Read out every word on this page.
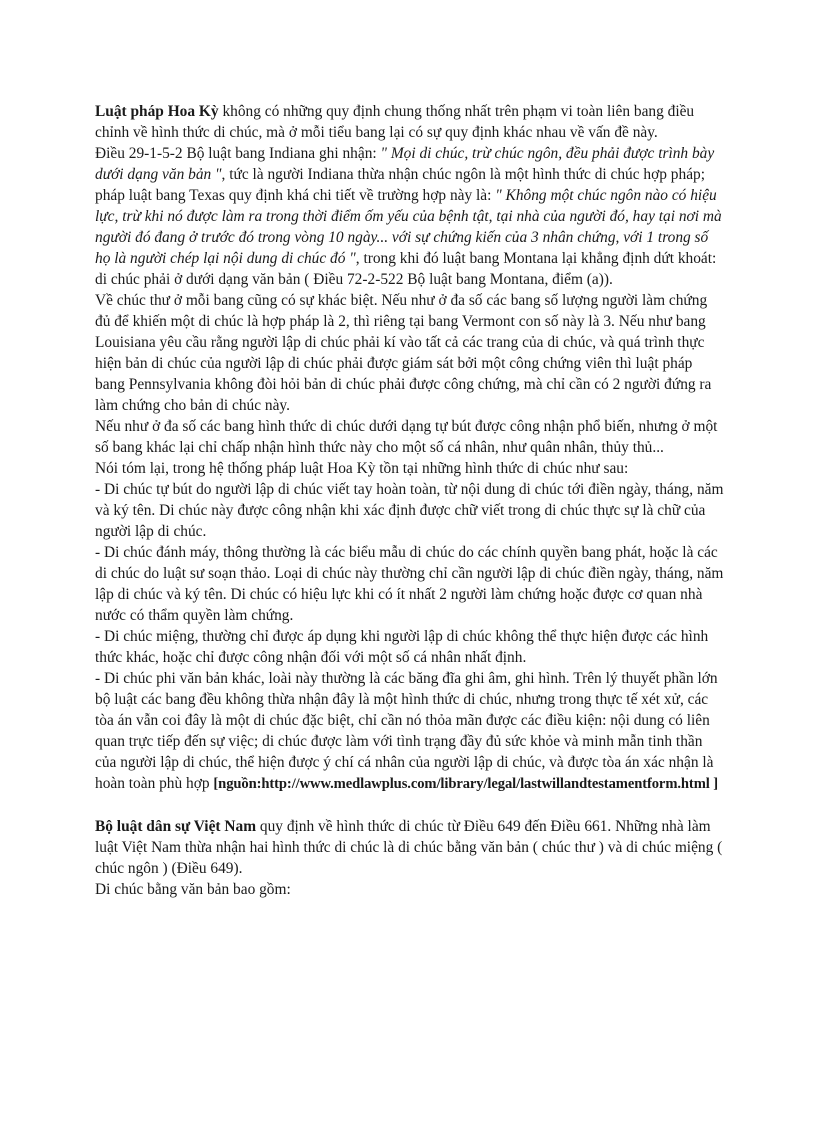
Luật pháp Hoa Kỳ không có những quy định chung thống nhất trên phạm vi toàn liên bang điều chỉnh về hình thức di chúc, mà ở mỗi tiểu bang lại có sự quy định khác nhau về vấn đề này.

Điều 29-1-5-2 Bộ luật bang Indiana ghi nhận: " Mọi di chúc, trừ chúc ngôn, đều phải được trình bày dưới dạng văn bản ", tức là người Indiana thừa nhận chúc ngôn là một hình thức di chúc hợp pháp; pháp luật bang Texas quy định khá chi tiết về trường hợp này là: " Không một chúc ngôn nào có hiệu lực, trừ khi nó được làm ra trong thời điểm ốm yếu của bệnh tật, tại nhà của người đó, hay tại nơi mà người đó đang ở trước đó trong vòng 10 ngày... với sự chứng kiến của 3 nhân chứng, với 1 trong số họ là người chép lại nội dung di chúc đó ", trong khi đó luật bang Montana lại khẳng định dứt khoát: di chúc phải ở dưới dạng văn bản ( Điều 72-2-522 Bộ luật bang Montana, điểm (a)).

Về chúc thư ở mỗi bang cũng có sự khác biệt. Nếu như ở đa số các bang số lượng người làm chứng đủ để khiến một di chúc là hợp pháp là 2, thì riêng tại bang Vermont con số này là 3. Nếu như bang Louisiana yêu cầu rằng người lập di chúc phải kí vào tất cả các trang của di chúc, và quá trình thực hiện bản di chúc của người lập di chúc phải được giám sát bởi một công chứng viên thì luật pháp bang Pennsylvania không đòi hỏi bản di chúc phải được công chứng, mà chỉ cần có 2 người đứng ra làm chứng cho bản di chúc này.

Nếu như ở đa số các bang hình thức di chúc dưới dạng tự bút được công nhận phổ biến, nhưng ở một số bang khác lại chỉ chấp nhận hình thức này cho một số cá nhân, như quân nhân, thủy thủ...

Nói tóm lại, trong hệ thống pháp luật Hoa Kỳ tồn tại những hình thức di chúc như sau:

- Di chúc tự bút do người lập di chúc viết tay hoàn toàn, từ nội dung di chúc tới điền ngày, tháng, năm và ký tên. Di chúc này được công nhận khi xác định được chữ viết trong di chúc thực sự là chữ của người lập di chúc.

- Di chúc đánh máy, thông thường là các biểu mẫu di chúc do các chính quyền bang phát, hoặc là các di chúc do luật sư soạn thảo. Loại di chúc này thường chỉ cần người lập di chúc điền ngày, tháng, năm lập di chúc và ký tên. Di chúc có hiệu lực khi có ít nhất 2 người làm chứng hoặc được cơ quan nhà nước có thẩm quyền làm chứng.

- Di chúc miệng, thường chỉ được áp dụng khi người lập di chúc không thể thực hiện được các hình thức khác, hoặc chỉ được công nhận đối với một số cá nhân nhất định.

- Di chúc phi văn bản khác, loài này thường là các băng đĩa ghi âm, ghi hình. Trên lý thuyết phần lớn bộ luật các bang đều không thừa nhận đây là một hình thức di chúc, nhưng trong thực tế xét xử, các tòa án vẫn coi đây là một di chúc đặc biệt, chỉ cần nó thỏa mãn được các điều kiện: nội dung có liên quan trực tiếp đến sự việc; di chúc được làm với tình trạng đầy đủ sức khỏe và minh mẫn tinh thần của người lập di chúc, thể hiện được ý chí cá nhân của người lập di chúc, và được tòa án xác nhận là hoàn toàn phù hợp [nguồn:http://www.medlawplus.com/library/legal/lastwillandtestamentform.html ]

Bộ luật dân sự Việt Nam quy định về hình thức di chúc từ Điều 649 đến Điều 661. Những nhà làm luật Việt Nam thừa nhận hai hình thức di chúc là di chúc bằng văn bản ( chúc thư ) và di chúc miệng ( chúc ngôn ) (Điều 649).

Di chúc bằng văn bản bao gồm:
